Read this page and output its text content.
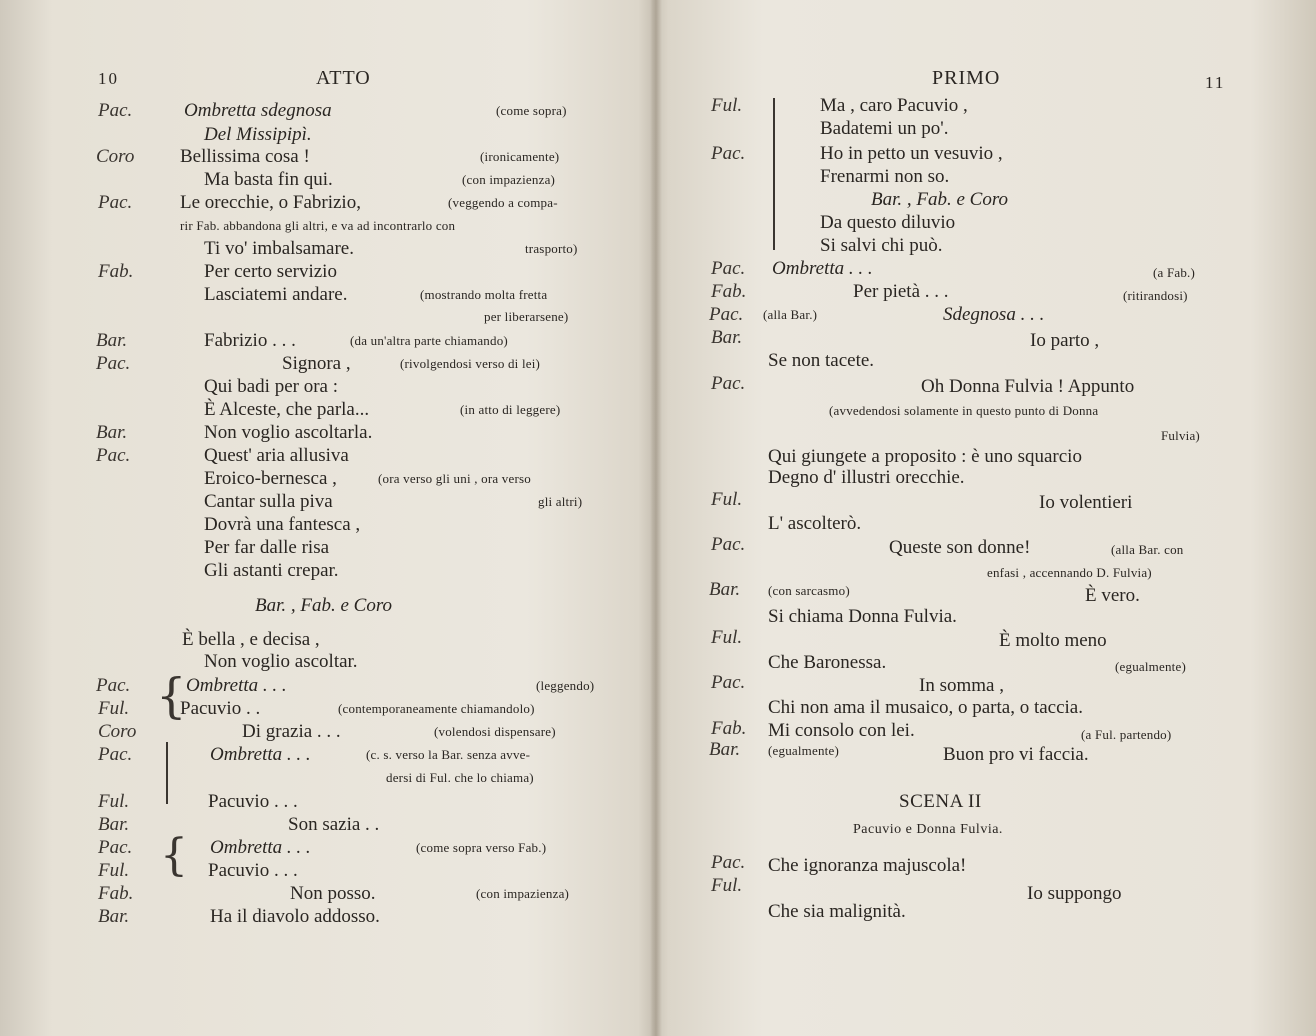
10	ATTO
Pac.	Ombretta sdegnosa	(come sopra)
Del Missipipì.
Coro Bellissima cosa !	(ironicamente)
Ma basta fin qui.	(con impazienza)
Pac.	Le orecchie, o Fabrizio,	(veggendo a compa-
rir Fab. abbandona gli altri, e va ad incontrarlo con
Ti vo' imbalsamare.	trasporto)
Fab.	Per certo servizio
Lasciatemi andare.	(mostrando molta fretta
per liberarsene)
Bar.	Fabrizio . . .	(da un'altra parte chiamando)
Pac.	Signora ,	(rivolgendosi verso di lei)
Qui badi per ora :
È Alceste, che parla...	(in atto di leggere)
Bar.	Non voglio ascoltarla.
Pac.	Quest' aria allusiva
Eroico-bernesca ,	(ora verso gli uni , ora verso
Cantar sulla piva	gli altri)
Dovrà una fantesca ,
Per far dalle risa
Gli astanti crepar.
Bar. , Fab. e Coro
È bella , e decisa ,
Non voglio ascoltar.
Pac.	Ombretta . . .	(leggendo)
Ful.	Pacuvio . .	(contemporaneamente chiamandolo)
Coro	Di grazia . . .	(volendosi dispensare)
Pac.	Ombretta . . .	(c. s. verso la Bar. senza avve-
dersi di Ful. che lo chiama)
Ful.	Pacuvio . . .
Bar.	Son sazia . .
Pac.	Ombretta . . .	(come sopra verso Fab.)
Ful.	Pacuvio . . .
Fab.	Non posso.	(con impazienza)
Bar.	Ha il diavolo addosso.
{
{
PRIMO	11
Ful.	Ma , caro Pacuvio ,
Badatemi un po'.
Pac.	Ho in petto un vesuvio ,
Frenarmi non so.
Bar. , Fab. e Coro
Da questo diluvio
Si salvi chi può.
Pac. Ombretta . . .	(a Fab.)
Fab.	Per pietà . . .	(ritirandosi)
Pac. (alla Bar.)	Sdegnosa . . .
Bar.	Io parto ,
Se non tacete.
Pac.	Oh Donna Fulvia ! Appunto
(avvedendosi solamente in questo punto di Donna
Fulvia)
Qui giungete a proposito : è uno squarcio
Degno d' illustri orecchie.
Ful.	Io volentieri
L' ascolterò.
Pac.	Queste son donne!	(alla Bar. con
enfasi , accennando D. Fulvia)
Bar. (con sarcasmo)	È vero.
Si chiama Donna Fulvia.
Ful.	È molto meno
Che Baronessa.	(egualmente)
Pac.	In somma ,
Chi non ama il musaico, o parta, o taccia.
Fab. Mi consolo con lei.	(a Ful. partendo)
Bar. (egualmente)	Buon pro vi faccia.
SCENA II
Pacuvio e Donna Fulvia.
Pac. Che ignoranza majuscola!
Ful.	Io suppongo
Che sia malignità.
